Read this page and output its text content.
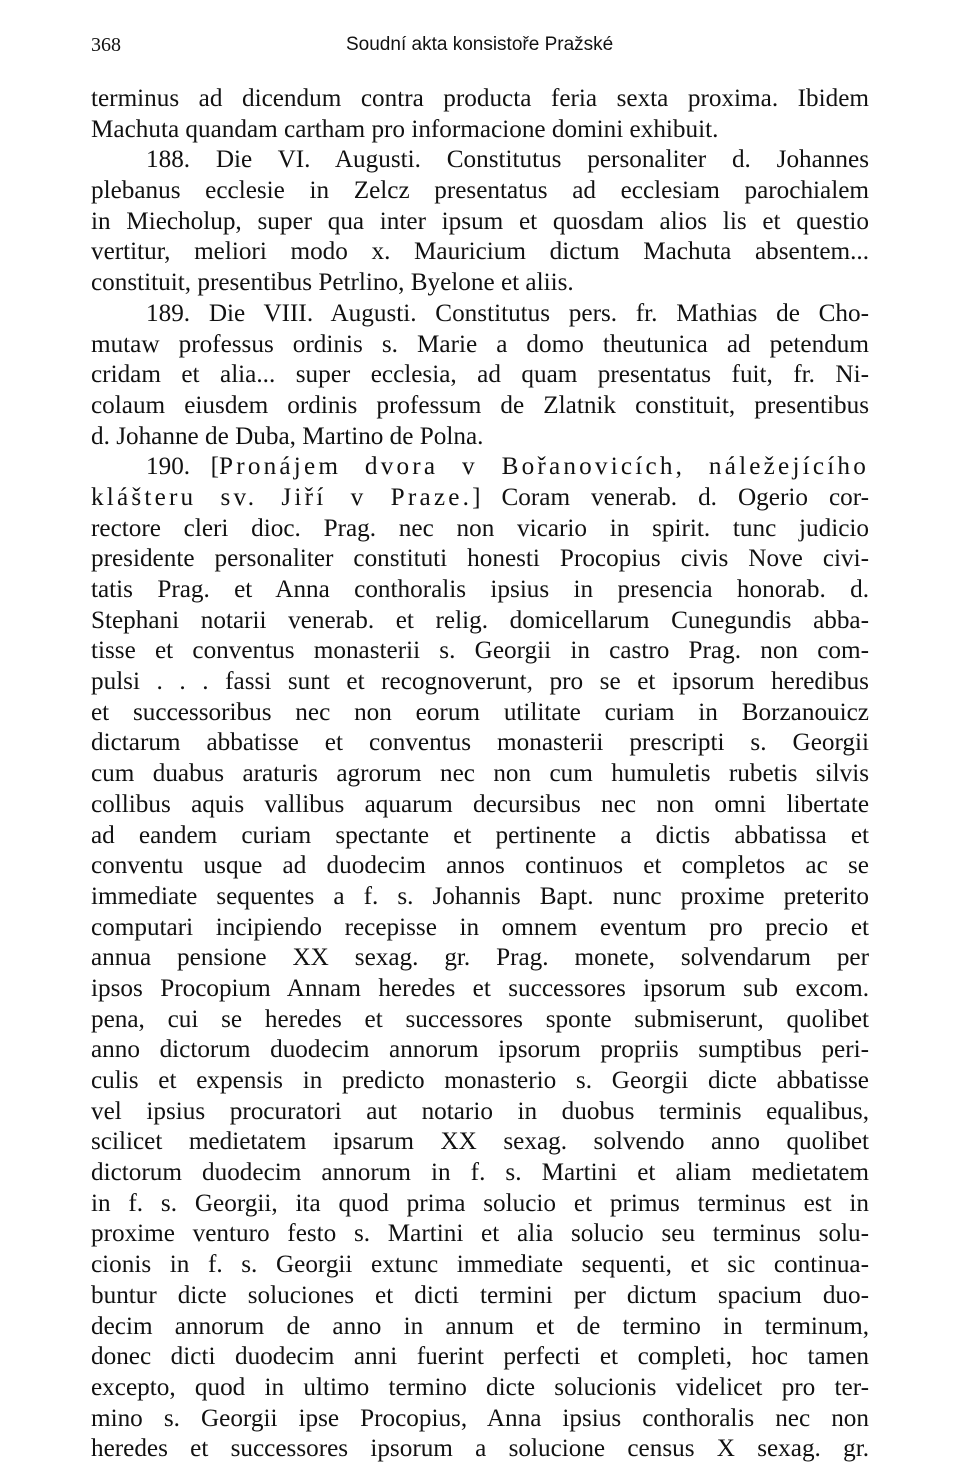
368	Soudní akta konsistoře Pražské
terminus ad dicendum contra producta feria sexta proxima. Ibidem
Machuta quandam cartham pro informacione domini exhibuit.
188. Die VI. Augusti. Constitutus personaliter d. Johannes
plebanus ecclesie in Zelcz presentatus ad ecclesiam parochialem
in Miecholup, super qua inter ipsum et quosdam alios lis et questio
vertitur, meliori modo x. Mauricium dictum Machuta absentem...
constituit, presentibus Petrlino, Byelone et aliis.
189. Die VIII. Augusti. Constitutus pers. fr. Mathias de Cho-
mutaw professus ordinis s. Marie a domo theutunica ad petendum
cridam et alia... super ecclesia, ad quam presentatus fuit, fr. Ni-
colaum eiusdem ordinis professum de Zlatnik constituit, presentibus
d. Johanne de Duba, Martino de Polna.
190. [Pronájem dvora v Bořanovicích, náležejícího
klášteru sv. Jiří v Praze.] Coram venerab. d. Ogerio cor-
rectore cleri dioc. Prag. nec non vicario in spirit. tunc judicio
presidente personaliter constituti honesti Procopius civis Nove civi-
tatis Prag. et Anna conthoralis ipsius in presencia honorab. d.
Stephani notarii venerab. et relig. domicellarum Cunegundis abba-
tisse et conventus monasterii s. Georgii in castro Prag. non com-
pulsi . . . fassi sunt et recognoverunt, pro se et ipsorum heredibus
et successoribus nec non eorum utilitate curiam in Borzanouicz
dictarum abbatisse et conventus monasterii prescripti s. Georgii
cum duabus araturis agrorum nec non cum humuletis rubetis silvis
collibus aquis vallibus aquarum decursibus nec non omni libertate
ad eandem curiam spectante et pertinente a dictis abbatissa et
conventu usque ad duodecim annos continuos et completos ac se
immediate sequentes a f. s. Johannis Bapt. nunc proxime preterito
computari incipiendo recepisse in omnem eventum pro precio et
annua pensione XX sexag. gr. Prag. monete, solvendarum per
ipsos Procopium Annam heredes et successores ipsorum sub excom.
pena, cui se heredes et successores sponte submiserunt, quolibet
anno dictorum duodecim annorum ipsorum propriis sumptibus peri-
culis et expensis in predicto monasterio s. Georgii dicte abbatisse
vel ipsius procuratori aut notario in duobus terminis equalibus,
scilicet medietatem ipsarum XX sexag. solvendo anno quolibet
dictorum duodecim annorum in f. s. Martini et aliam medietatem
in f. s. Georgii, ita quod prima solucio et primus terminus est in
proxime venturo festo s. Martini et alia solucio seu terminus solu-
cionis in f. s. Georgii extunc immediate sequenti, et sic continua-
buntur dicte soluciones et dicti termini per dictum spacium duo-
decim annorum de anno in annum et de termino in terminum,
donec dicti duodecim anni fuerint perfecti et completi, hoc tamen
excepto, quod in ultimo termino dicte solucionis videlicet pro ter-
mino s. Georgii ipse Procopius, Anna ipsius conthoralis nec non
heredes et successores ipsorum a solucione census X sexag. gr.
